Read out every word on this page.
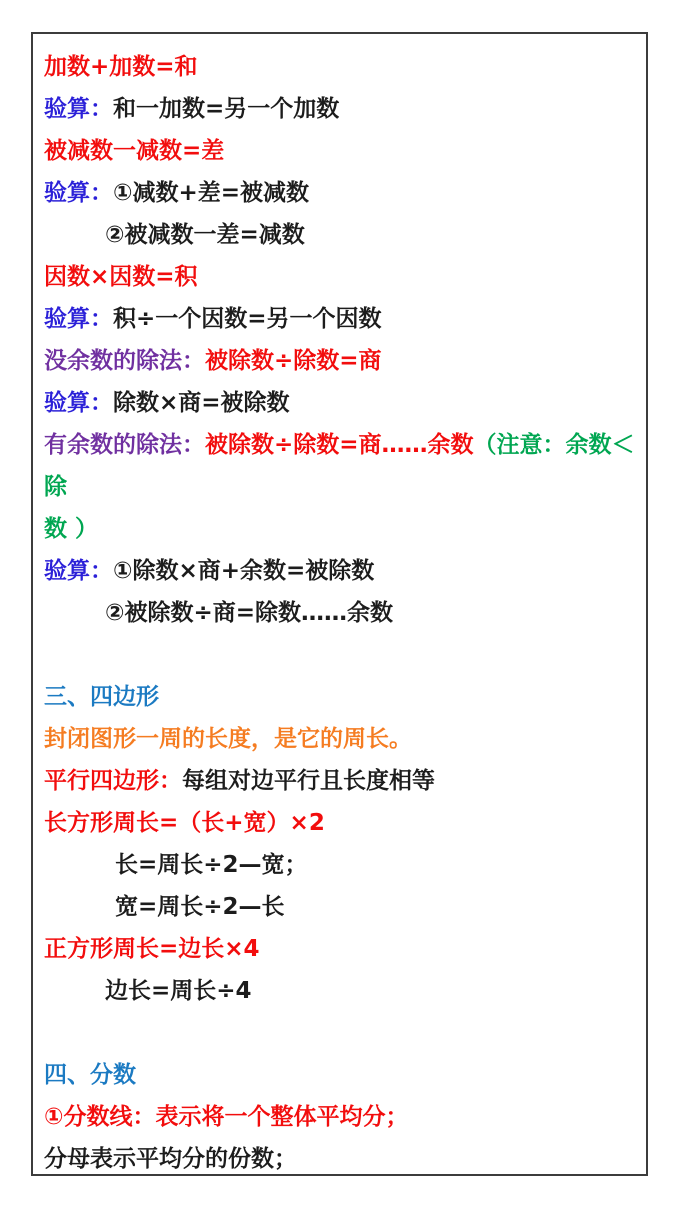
加数+加数=和
验算：和一加数=另一个加数
被减数一减数=差
验算：①减数+差=被减数
②被减数一差=减数
因数×因数=积
验算：积÷一个因数=另一个因数
没余数的除法：被除数÷除数=商
验算：除数×商=被除数
有余数的除法：被除数÷除数=商……余数（注意：余数＜除
数 ）
验算：①除数×商+余数=被除数
②被除数÷商=除数……余数

三、四边形
封闭图形一周的长度，是它的周长。
平行四边形：每组对边平行且长度相等
长方形周长=（长+宽）×2
长=周长÷2—宽；
宽=周长÷2—长
正方形周长=边长×4
边长=周长÷4

四、分数
①分数线：表示将一个整体平均分；
分母表示平均分的份数；
